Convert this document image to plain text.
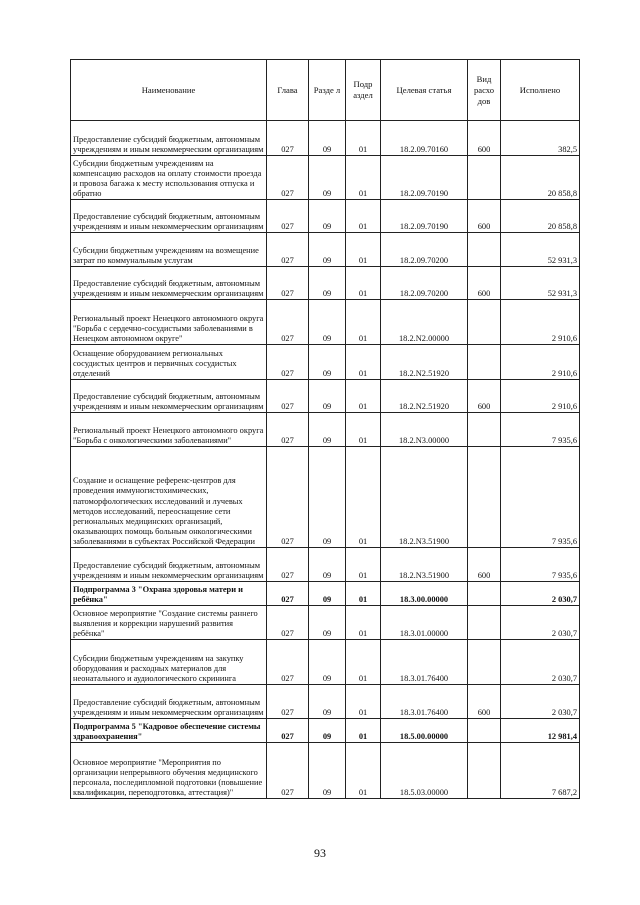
Наименование	Глава	Разде л	Подр аздел	Целевая статья	Вид расхо дов	Исполнено
Предоставление субсидий бюджетным, автономным учреждениям и иным некоммерческим организациям	027	09	01	18.2.09.70160	600	382,5
Субсидии бюджетным учреждениям на компенсацию расходов на оплату стоимости проезда и провоза багажа к месту использования отпуска и обратно	027	09	01	18.2.09.70190		20 858,8
Предоставление субсидий бюджетным, автономным учреждениям и иным некоммерческим организациям	027	09	01	18.2.09.70190	600	20 858,8
Субсидии бюджетным учреждениям на возмещение затрат по коммунальным услугам	027	09	01	18.2.09.70200		52 931,3
Предоставление субсидий бюджетным, автономным учреждениям и иным некоммерческим организациям	027	09	01	18.2.09.70200	600	52 931,3
Региональный проект Ненецкого автономного округа "Борьба с сердечно-сосудистыми заболеваниями в Ненецком автономном округе"	027	09	01	18.2.N2.00000		2 910,6
Оснащение оборудованием региональных сосудистых центров и первичных сосудистых отделений	027	09	01	18.2.N2.51920		2 910,6
Предоставление субсидий бюджетным, автономным учреждениям и иным некоммерческим организациям	027	09	01	18.2.N2.51920	600	2 910,6
Региональный проект Ненецкого автономного округа "Борьба с онкологическими заболеваниями"	027	09	01	18.2.N3.00000		7 935,6
Создание и оснащение референс-центров для проведения иммуногистохимических, патоморфологических исследований и лучевых методов исследований, переоснащение сети региональных медицинских организаций, оказывающих помощь больным онкологическими заболеваниями в субъектах Российской Федерации	027	09	01	18.2.N3.51900		7 935,6
Предоставление субсидий бюджетным, автономным учреждениям и иным некоммерческим организациям	027	09	01	18.2.N3.51900	600	7 935,6
Подпрограмма 3 "Охрана здоровья матери и ребёнка"	027	09	01	18.3.00.00000		2 030,7
Основное мероприятие "Создание системы раннего выявления и коррекции нарушений развития ребёнка"	027	09	01	18.3.01.00000		2 030,7
Субсидии бюджетным учреждениям на закупку оборудования и расходных материалов для неонатального и аудиологического скрининга	027	09	01	18.3.01.76400		2 030,7
Предоставление субсидий бюджетным, автономным учреждениям и иным некоммерческим организациям	027	09	01	18.3.01.76400	600	2 030,7
Подпрограмма 5 "Кадровое обеспечение системы здравоохранения"	027	09	01	18.5.00.00000		12 981,4
Основное мероприятие "Мероприятия по организации непрерывного обучения медицинского персонала, последипломной подготовки (повышение квалификации, переподготовка, аттестация)"	027	09	01	18.5.03.00000		7 687,2
93
